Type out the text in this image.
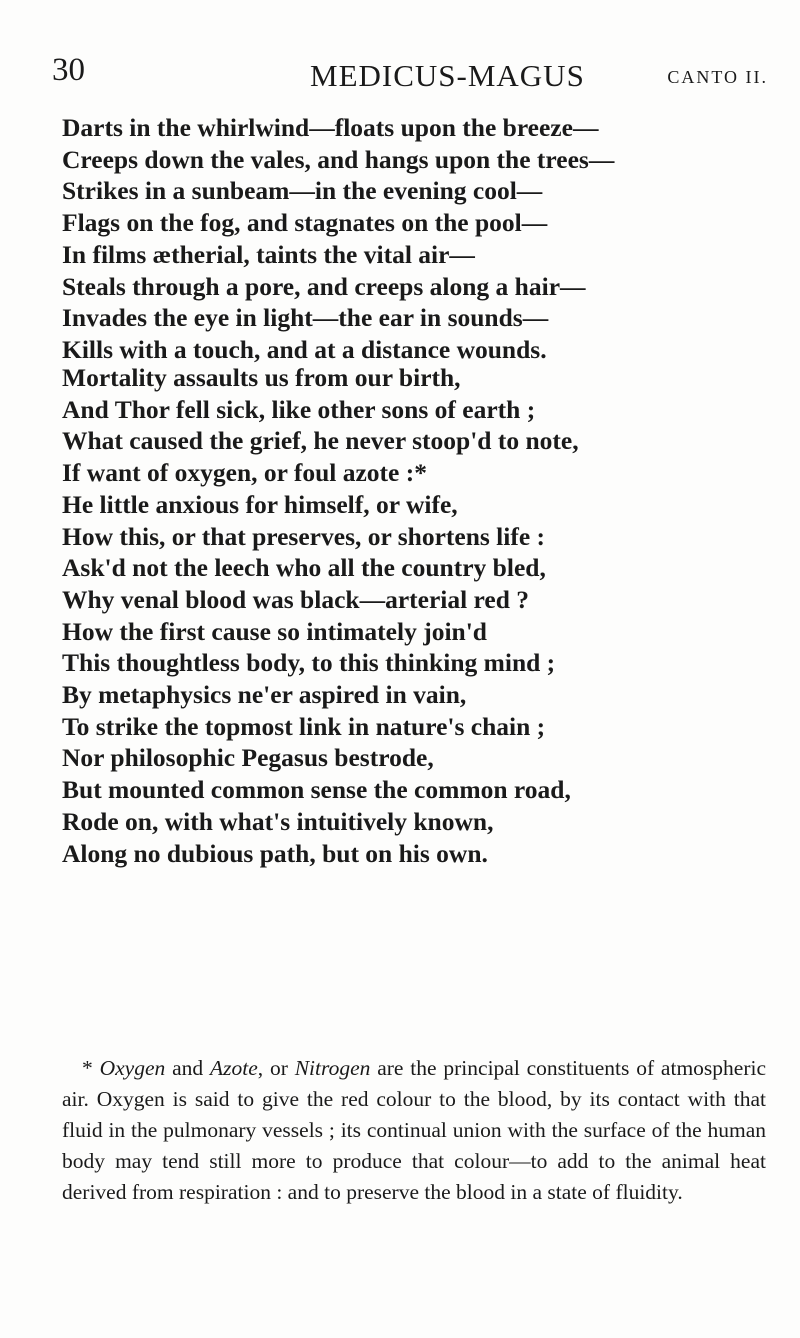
30	MEDICUS-MAGUS	CANTO II.
Darts in the whirlwind—floats upon the breeze—
Creeps down the vales, and hangs upon the trees—
Strikes in a sunbeam—in the evening cool—
Flags on the fog, and stagnates on the pool—
In films ætherial, taints the vital air—
Steals through a pore, and creeps along a hair—
Invades the eye in light—the ear in sounds—
Kills with a touch, and at a distance wounds.
Mortality assaults us from our birth,
And Thor fell sick, like other sons of earth ;
What caused the grief, he never stoop'd to note,
If want of oxygen, or foul azote :*
He little anxious for himself, or wife,
How this, or that preserves, or shortens life :
Ask'd not the leech who all the country bled,
Why venal blood was black—arterial red ?
How the first cause so intimately join'd
This thoughtless body, to this thinking mind ;
By metaphysics ne'er aspired in vain,
To strike the topmost link in nature's chain ;
Nor philosophic Pegasus bestrode,
But mounted common sense the common road,
Rode on, with what's intuitively known,
Along no dubious path, but on his own.
* Oxygen and Azote, or Nitrogen are the principal constituents of atmospheric air. Oxygen is said to give the red colour to the blood, by its contact with that fluid in the pulmonary vessels ; its continual union with the surface of the human body may tend still more to produce that colour—to add to the animal heat derived from respiration : and to preserve the blood in a state of fluidity.
